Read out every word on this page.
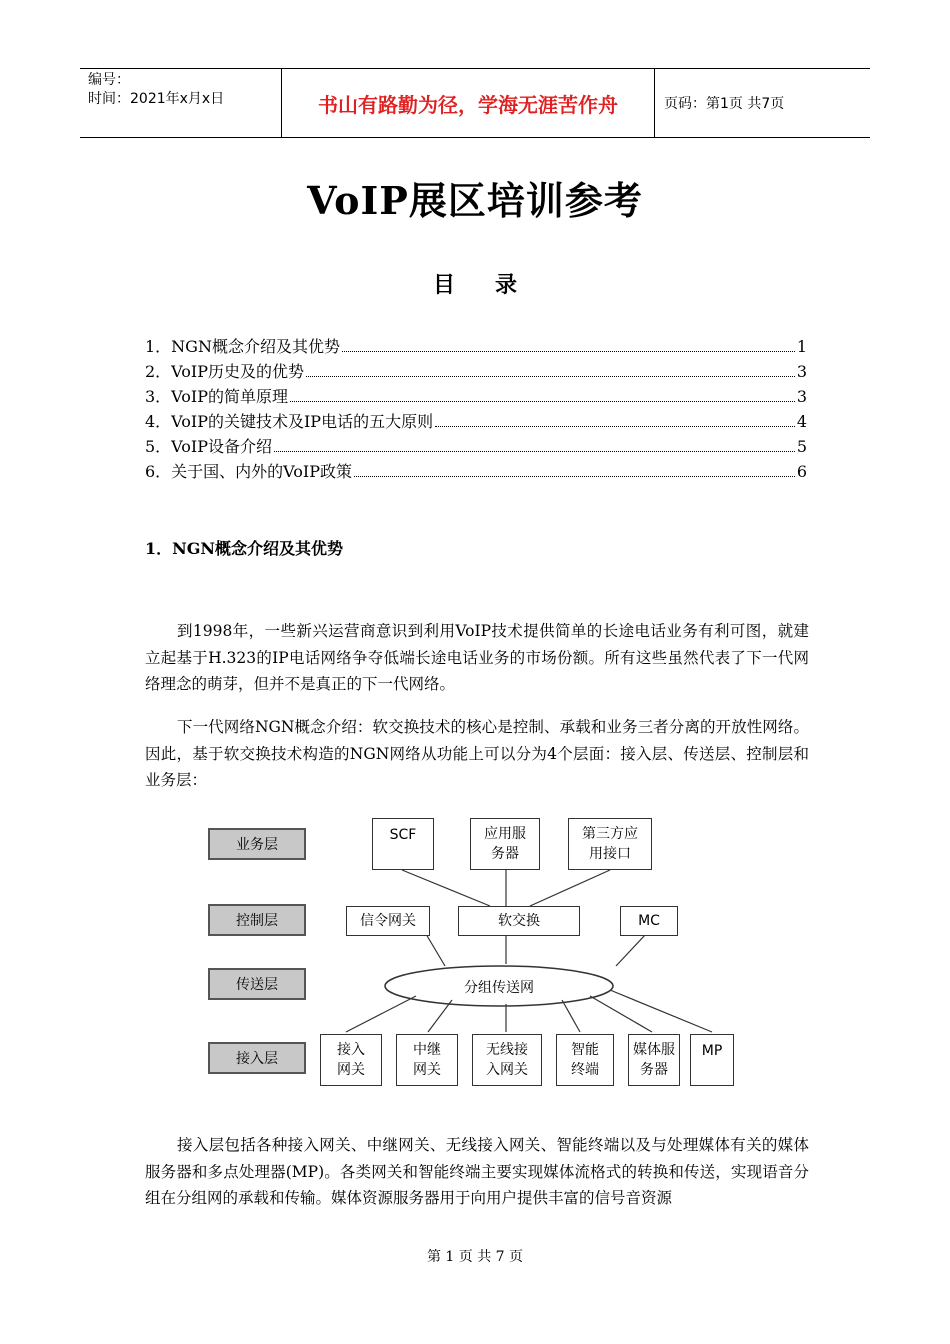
编号：
时间：2021年x月x日	书山有路勤为径，学海无涯苦作舟	页码：第1页 共7页
VoIP展区培训参考
目录
1．NGN概念介绍及其优势	1
2．VoIP历史及的优势	3
3．VoIP的简单原理	3
4．VoIP的关键技术及IP电话的五大原则	4
5．VoIP设备介绍	5
6．关于国、内外的VoIP政策	6
1．NGN概念介绍及其优势
到1998年，一些新兴运营商意识到利用VoIP技术提供简单的长途电话业务有利可图，就建立起基于H.323的IP电话网络争夺低端长途电话业务的市场份额。所有这些虽然代表了下一代网络理念的萌芽，但并不是真正的下一代网络。
下一代网络NGN概念介绍：软交换技术的核心是控制、承载和业务三者分离的开放性网络。因此，基于软交换技术构造的NGN网络从功能上可以分为4个层面：接入层、传送层、控制层和业务层：
业务层
控制层
传送层
接入层
SCF	应用服
务器
第三方应
用接口
信令网关	软交换	MC
分组传送网
接入
网关
中继
网关
无线接
入网关
智能
终端
媒体服
务器
MP
接入层包括各种接入网关、中继网关、无线接入网关、智能终端以及与处理媒体有关的媒体服务器和多点处理器(MP)。各类网关和智能终端主要实现媒体流格式的转换和传送，实现语音分组在分组网的承载和传输。媒体资源服务器用于向用户提供丰富的信号音资源
第 1 页 共 7 页
